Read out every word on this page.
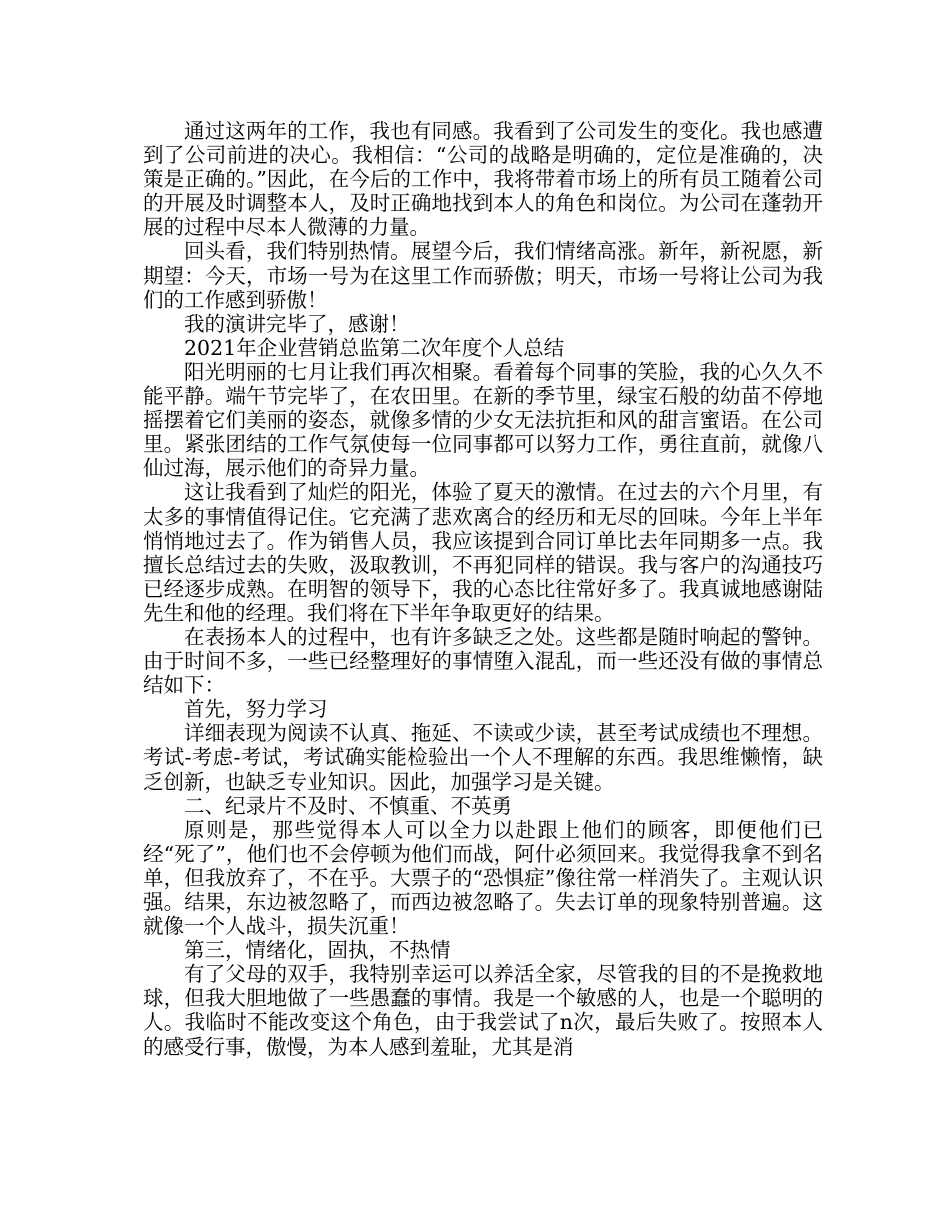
通过这两年的工作，我也有同感。我看到了公司发生的变化。我也感遭到了公司前进的决心。我相信：“公司的战略是明确的，定位是准确的，决策是正确的。”因此，在今后的工作中，我将带着市场上的所有员工随着公司的开展及时调整本人，及时正确地找到本人的角色和岗位。为公司在蓬勃开展的过程中尽本人微薄的力量。

回头看，我们特别热情。展望今后，我们情绪高涨。新年，新祝愿，新期望：今天，市场一号为在这里工作而骄傲；明天，市场一号将让公司为我们的工作感到骄傲！

我的演讲完毕了，感谢！

2021年企业营销总监第二次年度个人总结

阳光明丽的七月让我们再次相聚。看着每个同事的笑脸，我的心久久不能平静。端午节完毕了，在农田里。在新的季节里，绿宝石般的幼苗不停地摇摆着它们美丽的姿态，就像多情的少女无法抗拒和风的甜言蜜语。在公司里。紧张团结的工作气氛使每一位同事都可以努力工作，勇往直前，就像八仙过海，展示他们的奇异力量。

这让我看到了灿烂的阳光，体验了夏天的激情。在过去的六个月里，有太多的事情值得记住。它充满了悲欢离合的经历和无尽的回味。今年上半年悄悄地过去了。作为销售人员，我应该提到合同订单比去年同期多一点。我擅长总结过去的失败，汲取教训，不再犯同样的错误。我与客户的沟通技巧已经逐步成熟。在明智的领导下，我的心态比往常好多了。我真诚地感谢陆先生和他的经理。我们将在下半年争取更好的结果。

在表扬本人的过程中，也有许多缺乏之处。这些都是随时响起的警钟。由于时间不多，一些已经整理好的事情堕入混乱，而一些还没有做的事情总结如下：

首先，努力学习

详细表现为阅读不认真、拖延、不读或少读，甚至考试成绩也不理想。考试-考虑-考试，考试确实能检验出一个人不理解的东西。我思维懒惰，缺乏创新，也缺乏专业知识。因此，加强学习是关键。

二、纪录片不及时、不慎重、不英勇

原则是，那些觉得本人可以全力以赴跟上他们的顾客，即便他们已经“死了”，他们也不会停顿为他们而战，阿什必须回来。我觉得我拿不到名单，但我放弃了，不在乎。大票子的“恐惧症”像往常一样消失了。主观认识强。结果，东边被忽略了，而西边被忽略了。失去订单的现象特别普遍。这就像一个人战斗，损失沉重！

第三，情绪化，固执，不热情

有了父母的双手，我特别幸运可以养活全家，尽管我的目的不是挽救地球，但我大胆地做了一些愚蠢的事情。我是一个敏感的人，也是一个聪明的人。我临时不能改变这个角色，由于我尝试了n次，最后失败了。按照本人的感受行事，傲慢，为本人感到羞耻，尤其是消
